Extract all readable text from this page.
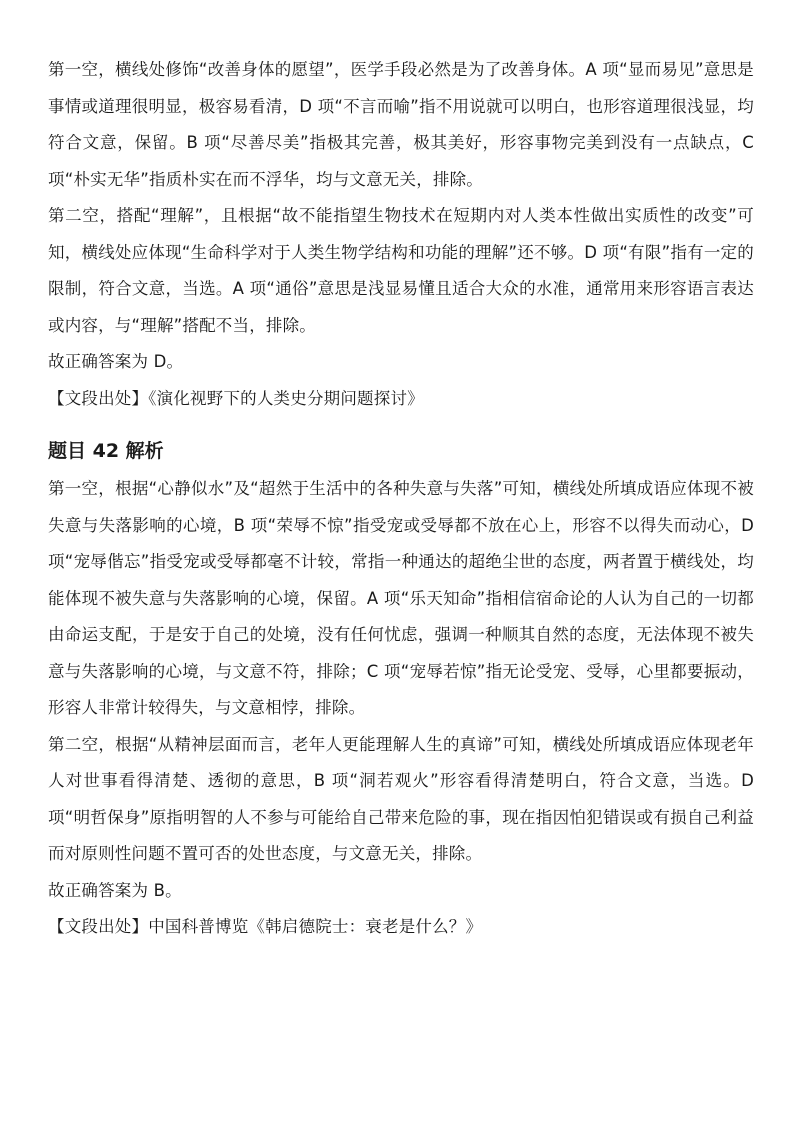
第一空，横线处修饰“改善身体的愿望”，医学手段必然是为了改善身体。A 项“显而易见”意思是事情或道理很明显，极容易看清，D 项“不言而喻”指不用说就可以明白，也形容道理很浅显，均符合文意，保留。B 项“尽善尽美”指极其完善，极其美好，形容事物完美到没有一点缺点，C 项“朴实无华”指质朴实在而不浮华，均与文意无关，排除。

第二空，搭配“理解”，且根据“故不能指望生物技术在短期内对人类本性做出实质性的改变”可知，横线处应体现“生命科学对于人类生物学结构和功能的理解”还不够。D 项“有限”指有一定的限制，符合文意，当选。A 项“通俗”意思是浅显易懂且适合大众的水准，通常用来形容语言表达或内容，与“理解”搭配不当，排除。

故正确答案为 D。

【文段出处】《演化视野下的人类史分期问题探讨》

题目 42 解析

第一空，根据“心静似水”及“超然于生活中的各种失意与失落”可知，横线处所填成语应体现不被失意与失落影响的心境，B 项“荣辱不惊”指受宠或受辱都不放在心上，形容不以得失而动心，D 项“宠辱偕忘”指受宠或受辱都毫不计较，常指一种通达的超绝尘世的态度，两者置于横线处，均能体现不被失意与失落影响的心境，保留。A 项“乐天知命”指相信宿命论的人认为自己的一切都由命运支配，于是安于自己的处境，没有任何忧虑，强调一种顺其自然的态度，无法体现不被失意与失落影响的心境，与文意不符，排除；C 项“宠辱若惊”指无论受宠、受辱，心里都要振动，形容人非常计较得失，与文意相悖，排除。

第二空，根据“从精神层面而言，老年人更能理解人生的真谛”可知，横线处所填成语应体现老年人对世事看得清楚、透彻的意思，B 项“洞若观火”形容看得清楚明白，符合文意，当选。D 项“明哲保身”原指明智的人不参与可能给自己带来危险的事，现在指因怕犯错误或有损自己利益而对原则性问题不置可否的处世态度，与文意无关，排除。

故正确答案为 B。

【文段出处】中国科普博览《韩启德院士：衰老是什么？》
